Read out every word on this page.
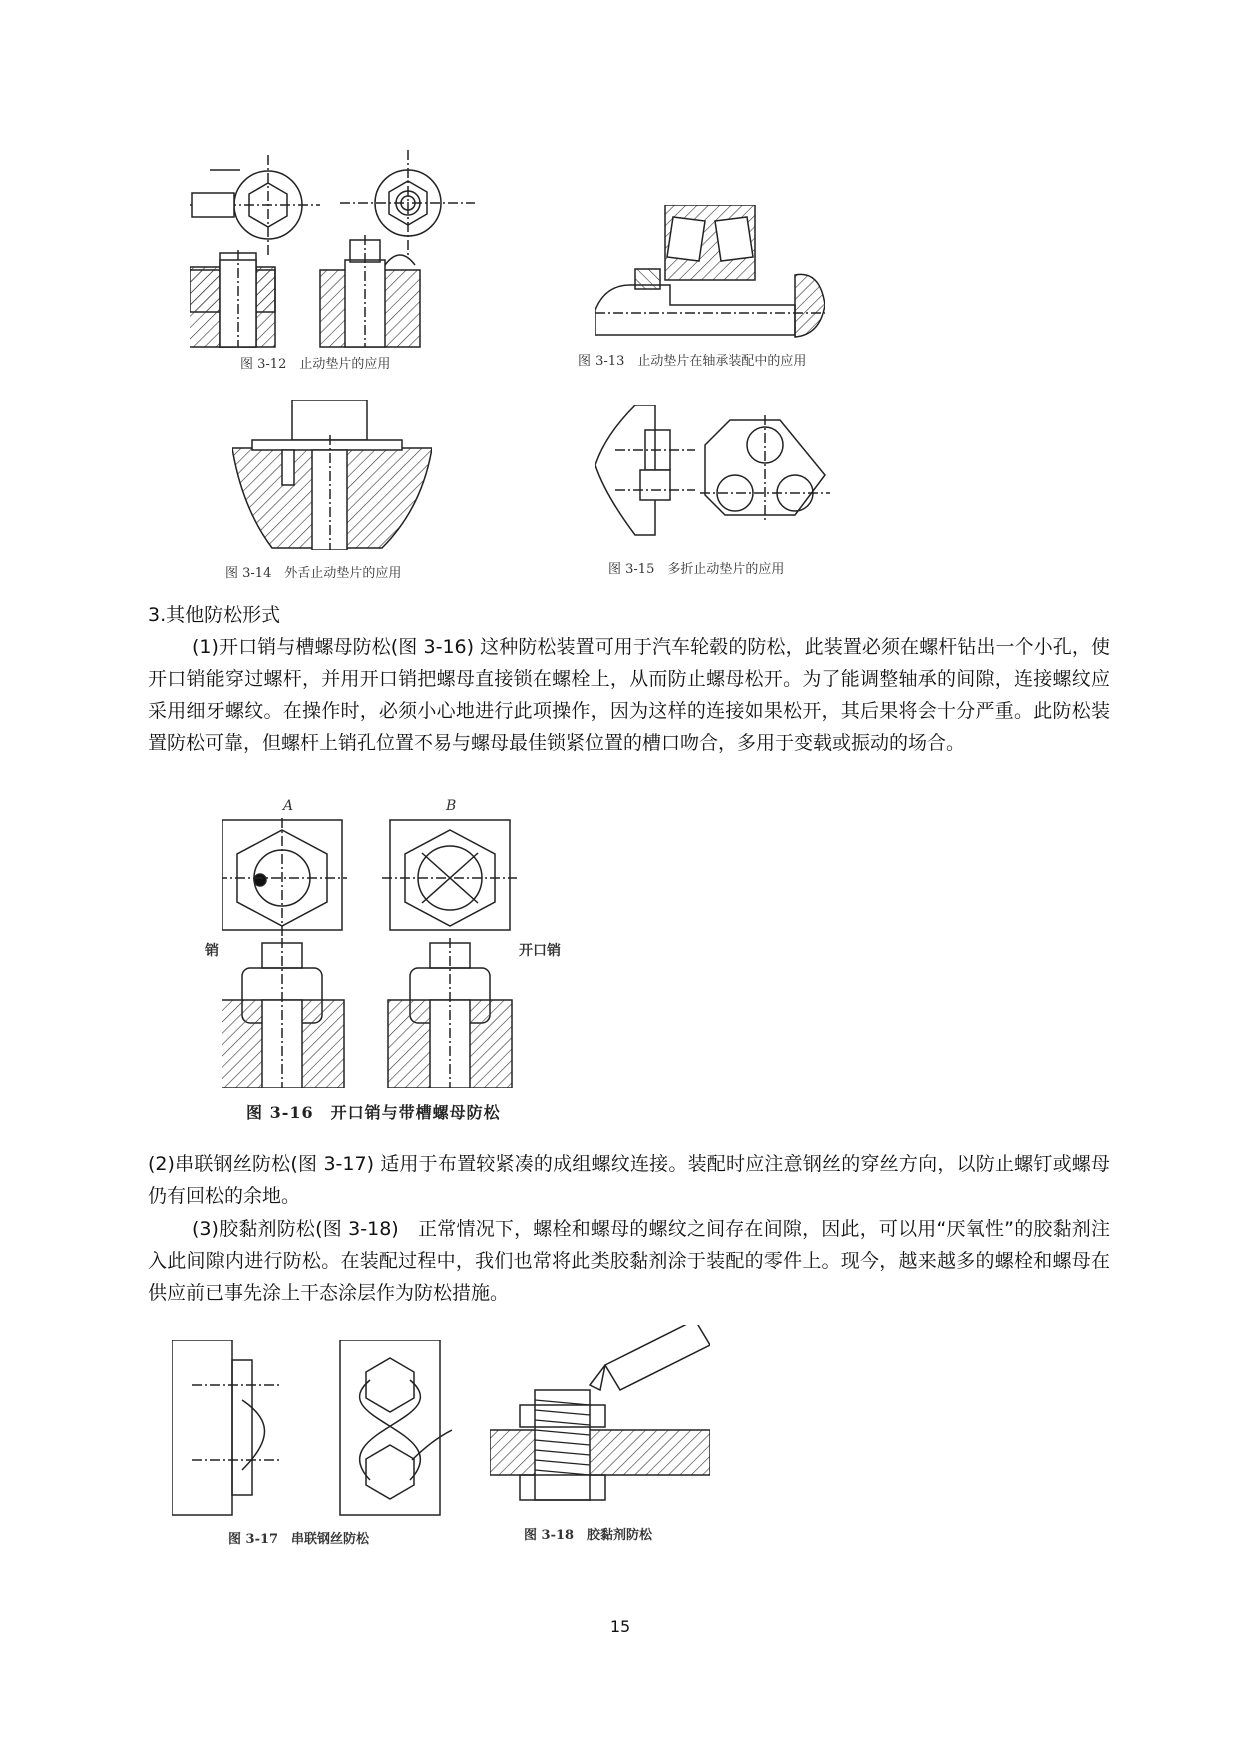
图 3-12　止动垫片的应用	图 3-13　止动垫片在轴承装配中的应用
图 3-14　外舌止动垫片的应用	图 3-15　多折止动垫片的应用
3.其他防松形式

(1)开口销与槽螺母防松(图 3-16) 这种防松装置可用于汽车轮毂的防松，此装置必须在螺杆钻出一个小孔，使开口销能穿过螺杆，并用开口销把螺母直接锁在螺栓上，从而防止螺母松开。为了能调整轴承的间隙，连接螺纹应采用细牙螺纹。在操作时，必须小心地进行此项操作，因为这样的连接如果松开，其后果将会十分严重。此防松装置防松可靠，但螺杆上销孔位置不易与螺母最佳锁紧位置的槽口吻合，多用于变载或振动的场合。

A	B
销	开口销
图 3-16　开口销与带槽螺母防松

(2)串联钢丝防松(图 3-17) 适用于布置较紧凑的成组螺纹连接。装配时应注意钢丝的穿丝方向，以防止螺钉或螺母仍有回松的余地。

(3)胶黏剂防松(图 3-18)　正常情况下，螺栓和螺母的螺纹之间存在间隙，因此，可以用“厌氧性”的胶黏剂注入此间隙内进行防松。在装配过程中，我们也常将此类胶黏剂涂于装配的零件上。现今，越来越多的螺栓和螺母在供应前已事先涂上干态涂层作为防松措施。

图 3-17　串联钢丝防松	图 3-18　胶黏剂防松
15
